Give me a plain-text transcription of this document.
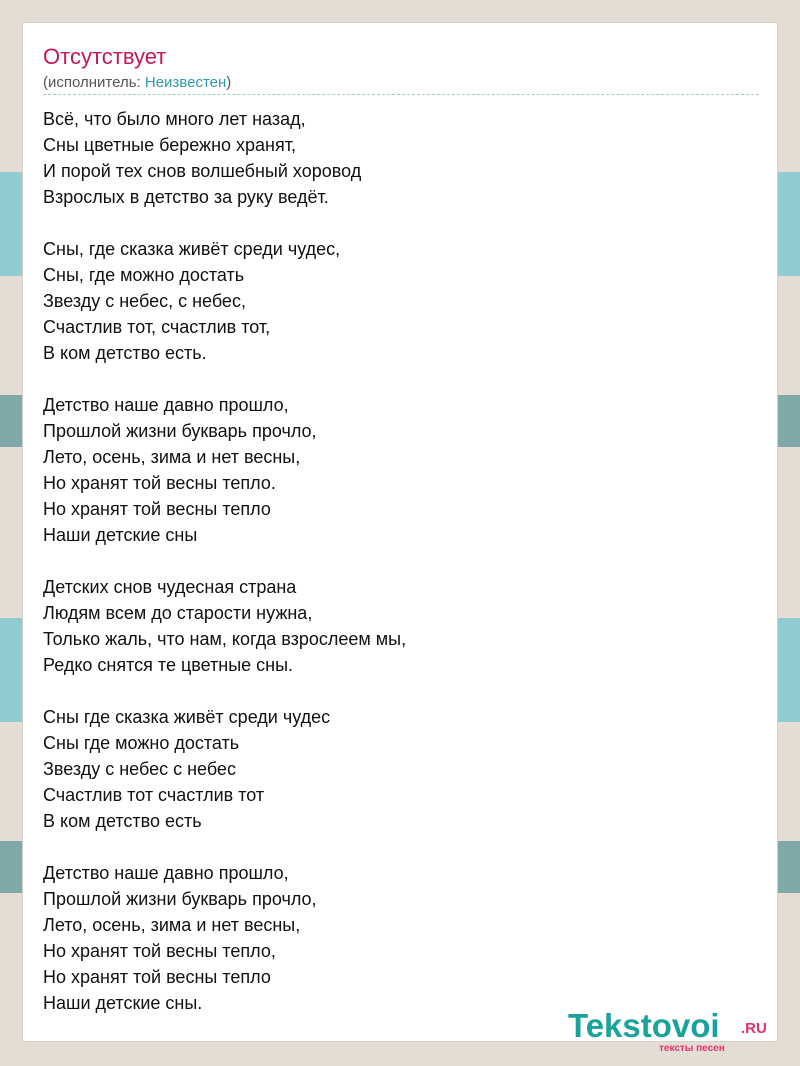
Отсутствует
(исполнитель: Неизвестен)
Всё, что было много лет назад,
Сны цветные бережно хранят,
И порой тех снов волшебный хоровод
Взрослых в детство за руку ведёт.
Сны, где сказка живёт среди чудес,
Сны, где можно достать
Звезду с небес, с небес,
Счастлив тот, счастлив тот,
В ком детство есть.
Детство наше давно прошло,
Прошлой жизни букварь прочло,
Лето, осень, зима и нет весны,
Но хранят той весны тепло.
Но хранят той весны тепло
Наши детские сны
Детских снов чудесная страна
Людям всем до старости нужна,
Только жаль, что нам, когда взрослеем мы,
Редко снятся те цветные сны.
Сны где сказка живёт среди чудес
Сны где можно достать
Звезду с небес с небес
Счастлив тот счастлив тот
В ком детство есть
Детство наше давно прошло,
Прошлой жизни букварь прочло,
Лето, осень, зима и нет весны,
Но хранят той весны тепло,
Но хранят той весны тепло
Наши детские сны.
Tekstovoi .RU
тексты песен
